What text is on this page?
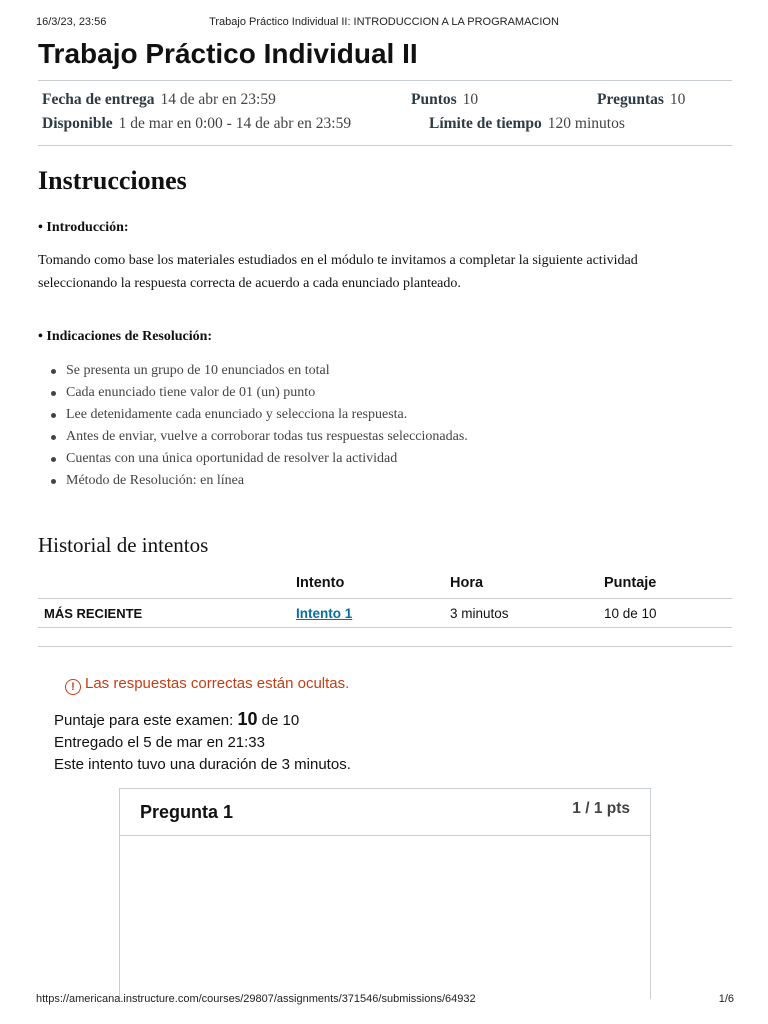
16/3/23, 23:56	Trabajo Práctico Individual II: INTRODUCCION A LA PROGRAMACION
Trabajo Práctico Individual II
Fecha de entrega 14 de abr en 23:59	Puntos 10	Preguntas 10
Disponible 1 de mar en 0:00 - 14 de abr en 23:59	Límite de tiempo 120 minutos
Instrucciones

• Introducción:

Tomando como base los materiales estudiados en el módulo te invitamos a completar la siguiente actividad seleccionando la respuesta correcta de acuerdo a cada enunciado planteado.

• Indicaciones de Resolución:

Se presenta un grupo de 10 enunciados en total
Cada enunciado tiene valor de 01 (un) punto
Lee detenidamente cada enunciado y selecciona la respuesta.
Antes de enviar, vuelve a corroborar todas tus respuestas seleccionadas.
Cuentas con una única oportunidad de resolver la actividad
Método de Resolución: en línea
Historial de intentos
	Intento	Hora	Puntaje
MÁS RECIENTE	Intento 1	3 minutos	10 de 10
! Las respuestas correctas están ocultas.
Puntaje para este examen: 10 de 10
Entregado el 5 de mar en 21:33
Este intento tuvo una duración de 3 minutos.
Pregunta 1	1 / 1 pts
https://americana.instructure.com/courses/29807/assignments/371546/submissions/64932	1/6
